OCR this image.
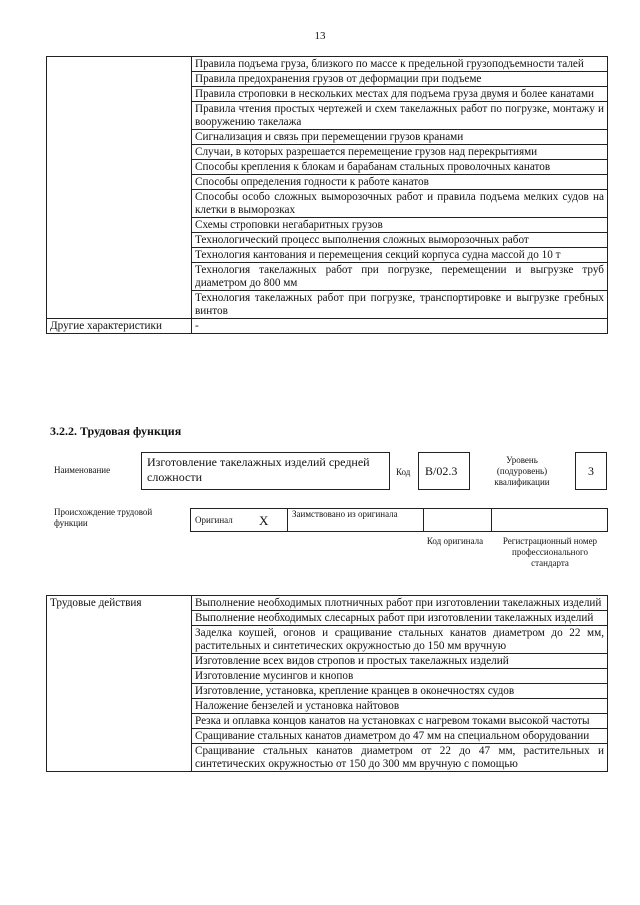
13
	Правила подъема груза, близкого по массе к предельной грузоподъемности талей
	Правила предохранения грузов от деформации при подъеме
	Правила строповки в нескольких местах для подъема груза двумя и более канатами
	Правила чтения простых чертежей и схем такелажных работ по погрузке, монтажу и вооружению такелажа
	Сигнализация и связь при перемещении грузов кранами
	Случаи, в которых разрешается перемещение грузов над перекрытиями
	Способы крепления к блокам и барабанам стальных проволочных канатов
	Способы определения годности к работе канатов
	Способы особо сложных выморозочных работ и правила подъема мелких судов на клетки в выморозках
	Схемы строповки негабаритных грузов
	Технологический процесс выполнения сложных выморозочных работ
	Технология кантования и перемещения секций корпуса судна массой до 10 т
	Технология такелажных работ при погрузке, перемещении и выгрузке труб диаметром до 800 мм
	Технология такелажных работ при погрузке, транспортировке и выгрузке гребных винтов
Другие характеристики	-
3.2.2. Трудовая функция
Наименование
Изготовление такелажных изделий средней сложности	Код	B/02.3
Уровень (подуровень) квалификации
3
Происхождение трудовой функции	Оригинал X	Заимствовано из оригинала
Код оригинала	Регистрационный номер профессионального стандарта
Трудовые действия	Выполнение необходимых плотничных работ при изготовлении такелажных изделий
Выполнение необходимых слесарных работ при изготовлении такелажных изделий
Заделка коушей, огонов и сращивание стальных канатов диаметром до 22 мм, растительных и синтетических окружностью до 150 мм вручную
Изготовление всех видов стропов и простых такелажных изделий
Изготовление мусингов и кнопов
Изготовление, установка, крепление кранцев в оконечностях судов
Наложение бензелей и установка найтовов
Резка и оплавка концов канатов на установках с нагревом токами высокой частоты
Сращивание стальных канатов диаметром до 47 мм на специальном оборудовании
Сращивание стальных канатов диаметром от 22 до 47 мм, растительных и синтетических окружностью от 150 до 300 мм вручную с помощью
